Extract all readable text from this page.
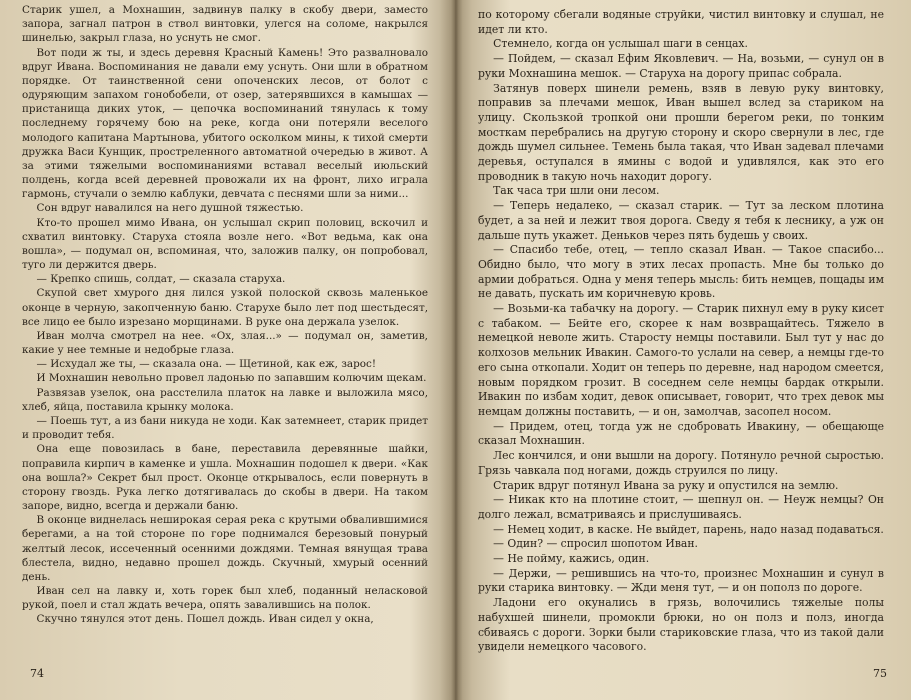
Старик ушел, а Мохнашин, задвинув палку в скобу двери, заместо запора, загнал патрон в ствол винтовки, улегся на соломе, накрылся шинелью, закрыл глаза, но уснуть не смог.

Вот поди ж ты, и здесь деревня Красный Камень! Это развалновало вдруг Ивана. Воспоминания не давали ему уснуть. Они шли в обратном порядке. От таинственной сени опоченских лесов, от болот с одуряющим запахом гонобобели, от озер, затерявшихся в камышах — пристанища диких уток, — цепочка воспоминаний тянулась к тому последнему горячему бою на реке, когда они потеряли веселого молодого капитана Мартынова, убитого осколком мины, к тихой смерти дружка Васи Кунщик, простреленного автоматной очередью в живот. А за этими тяжелыми воспоминаниями вставал веселый июльский полдень, когда всей деревней провожали их на фронт, лихо играла гармонь, стучали о землю каблуки, девчата с песнями шли за ними...

Сон вдруг навалился на него душной тяжестью.

Кто-то прошел мимо Ивана, он услышал скрип половиц, вскочил и схватил винтовку. Старуха стояла возле него. «Вот ведьма, как она вошла», — подумал он, вспоминая, что, заложив палку, он попробовал, туго ли держится дверь.

— Крепко спишь, солдат, — сказала старуха.

Скупой свет хмурого дня лился узкой полоской сквозь маленькое оконце в черную, закопченную баню. Старухе было лет под шестьдесят, все лицо ее было изрезано морщинами. В руке она держала узелок.

Иван молча смотрел на нее. «Ох, злая...» — подумал он, заметив, какие у нее темные и недобрые глаза.

— Исхудал же ты, — сказала она. — Щетиной, как еж, зарос!

И Мохнашин невольно провел ладонью по запавшим колючим щекам.

Развязав узелок, она расстелила платок на лавке и выложила мясо, хлеб, яйца, поставила крынку молока.

— Поешь тут, а из бани никуда не ходи. Как затемнеет, старик придет и проводит тебя.

Она еще повозилась в бане, переставила деревянные шайки, поправила кирпич в каменке и ушла. Мохнашин подошел к двери. «Как она вошла?» Секрет был прост. Оконце открывалось, если повернуть в сторону гвоздь. Рука легко дотягивалась до скобы в двери. На таком запоре, видно, всегда и держали баню.

В оконце виднелась неширокая серая река с крутыми обвалившимися берегами, а на той стороне по горе поднимался березовый понурый желтый лесок, иссеченный осенними дождями. Темная вянущая трава блестела, видно, недавно прошел дождь. Скучный, хмурый осенний день.

Иван сел на лавку и, хоть горек был хлеб, поданный неласковой рукой, поел и стал ждать вечера, опять завалившись на полок.

Скучно тянулся этот день. Пошел дождь. Иван сидел у окна,

74

по которому сбегали водяные струйки, чистил винтовку и слушал, не идет ли кто.

Стемнело, когда он услышал шаги в сенцах.

— Пойдем, — сказал Ефим Яковлевич. — На, возьми, — сунул он в руки Мохнашина мешок. — Старуха на дорогу припас собрала.

Затянув поверх шинели ремень, взяв в левую руку винтовку, поправив за плечами мешок, Иван вышел вслед за стариком на улицу. Скользкой тропкой они прошли берегом реки, по тонким мосткам перебрались на другую сторону и скоро свернули в лес, где дождь шумел сильнее. Темень была такая, что Иван задевал плечами деревья, оступался в ямины с водой и удивлялся, как это его проводник в такую ночь находит дорогу.

Так часа три шли они лесом.

— Теперь недалеко, — сказал старик. — Тут за леском плотина будет, а за ней и лежит твоя дорога. Сведу я тебя к леснику, а уж он дальше путь укажет. Деньков через пять будешь у своих.

— Спасибо тебе, отец, — тепло сказал Иван. — Такое спасибо... Обидно было, что могу в этих лесах пропасть. Мне бы только до армии добраться. Одна у меня теперь мысль: бить немцев, пощады им не давать, пускать им коричневую кровь.

— Возьми-ка табачку на дорогу. — Старик пихнул ему в руку кисет с табаком. — Бейте его, скорее к нам возвращайтесь. Тяжело в немецкой неволе жить. Старосту немцы поставили. Был тут у нас до колхозов мельник Ивакин. Самого-то услали на север, а немцы где-то его сына откопали. Ходит он теперь по деревне, над народом смеется, новым порядком грозит. В соседнем селе немцы бардак открыли. Ивакин по избам ходит, девок описывает, говорит, что трех девок мы немцам должны поставить, — и он, замолчав, засопел носом.

— Придем, отец, тогда уж не сдобровать Ивакину, — обещающе сказал Мохнашин.

Лес кончился, и они вышли на дорогу. Потянуло речной сыростью. Грязь чавкала под ногами, дождь струился по лицу.

Старик вдруг потянул Ивана за руку и опустился на землю.

— Никак кто на плотине стоит, — шепнул он. — Неуж немцы? Он долго лежал, всматриваясь и прислушиваясь.

— Немец ходит, в каске. Не выйдет, парень, надо назад подаваться.

— Один? — спросил шопотом Иван.

— Не пойму, кажись, один.

— Держи, — решившись на что-то, произнес Мохнашин и сунул в руки старика винтовку. — Жди меня тут, — и он пополз по дороге.

Ладони его окунались в грязь, волочились тяжелые полы набухшей шинели, промокли брюки, но он полз и полз, иногда сбиваясь с дороги. Зорки были стариковские глаза, что из такой дали увидели немецкого часового.

75
